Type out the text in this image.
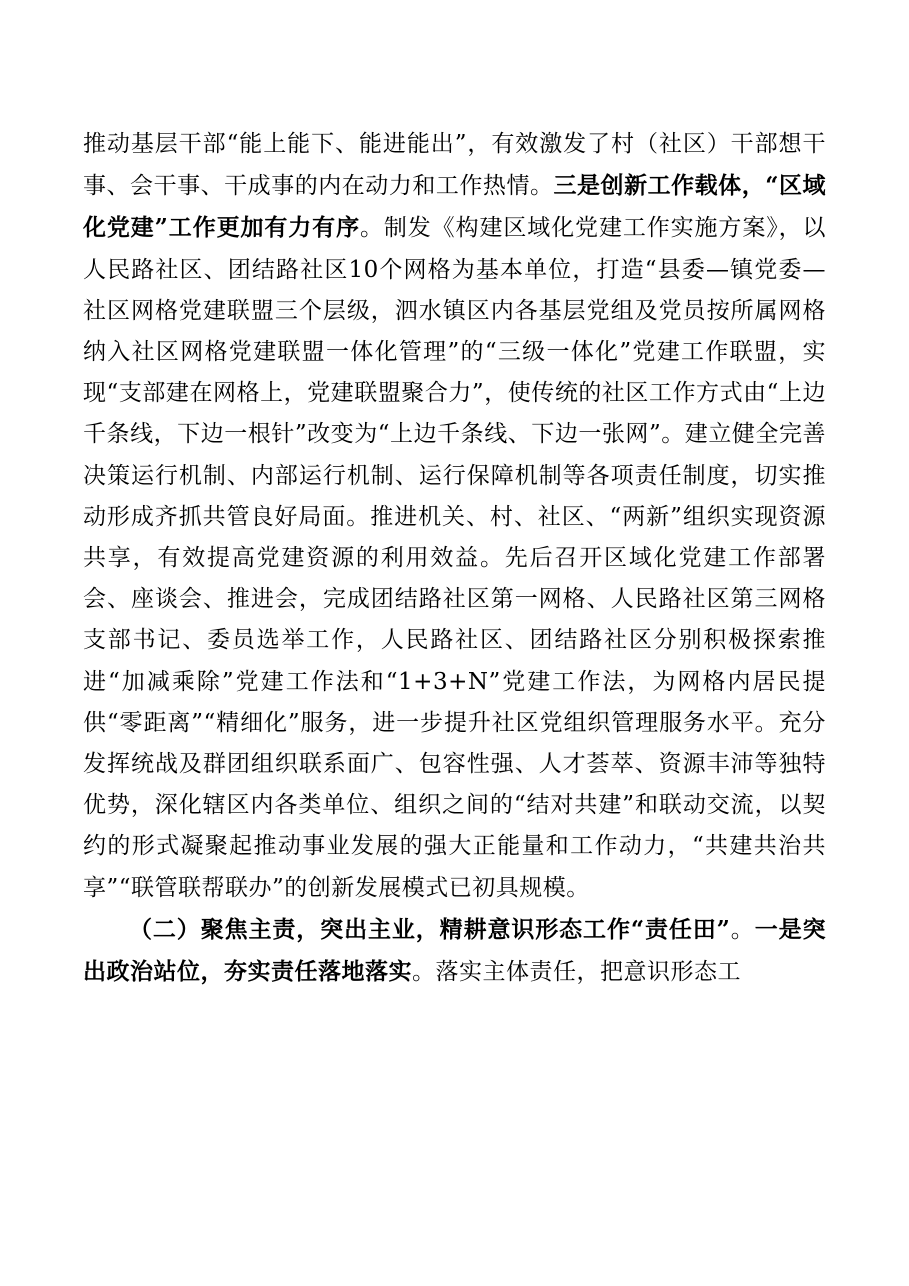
推动基层干部“能上能下、能进能出”，有效激发了村（社区）干部想干事、会干事、干成事的内在动力和工作热情。三是创新工作载体，“区域化党建”工作更加有力有序。制发《构建区域化党建工作实施方案》，以人民路社区、团结路社区10个网格为基本单位，打造“县委—镇党委—社区网格党建联盟三个层级，泗水镇区内各基层党组及党员按所属网格纳入社区网格党建联盟一体化管理”的“三级一体化”党建工作联盟，实现“支部建在网格上，党建联盟聚合力”，使传统的社区工作方式由“上边千条线，下边一根针”改变为“上边千条线、下边一张网”。建立健全完善决策运行机制、内部运行机制、运行保障机制等各项责任制度，切实推动形成齐抓共管良好局面。推进机关、村、社区、“两新”组织实现资源共享，有效提高党建资源的利用效益。先后召开区域化党建工作部署会、座谈会、推进会，完成团结路社区第一网格、人民路社区第三网格支部书记、委员选举工作，人民路社区、团结路社区分别积极探索推进“加减乘除”党建工作法和“1+3+N”党建工作法，为网格内居民提供“零距离”“精细化”服务，进一步提升社区党组织管理服务水平。充分发挥统战及群团组织联系面广、包容性强、人才荟萃、资源丰沛等独特优势，深化辖区内各类单位、组织之间的“结对共建”和联动交流，以契约的形式凝聚起推动事业发展的强大正能量和工作动力，“共建共治共享”“联管联帮联办”的创新发展模式已初具规模。

（二）聚焦主责，突出主业，精耕意识形态工作“责任田”。一是突出政治站位，夯实责任落地落实。落实主体责任，把意识形态工
